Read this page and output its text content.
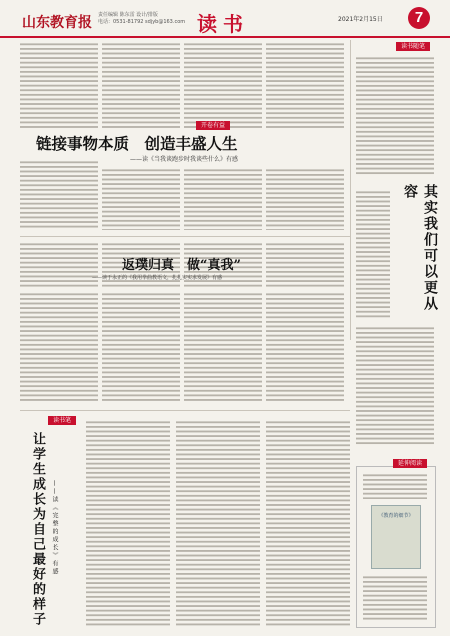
山东教育报 责任编辑 陈东雷 设计/排版
电话：0531-81792 sdjyb@163.com 读书	2021年2月15日	7
读书随笔
开卷有益
链接事物本质　创造丰盛人生
——读《当我谈跑步时我谈些什么》有感
其实我们可以更从容
返璞归真　做“真我”
——读于永正的《我用拳曲教语文，扎扎实实求发展》有感
读书笔
让学生成长为自己最好的样子	——读《完整的成长》有感
延伸阅读
《教育的细节》
